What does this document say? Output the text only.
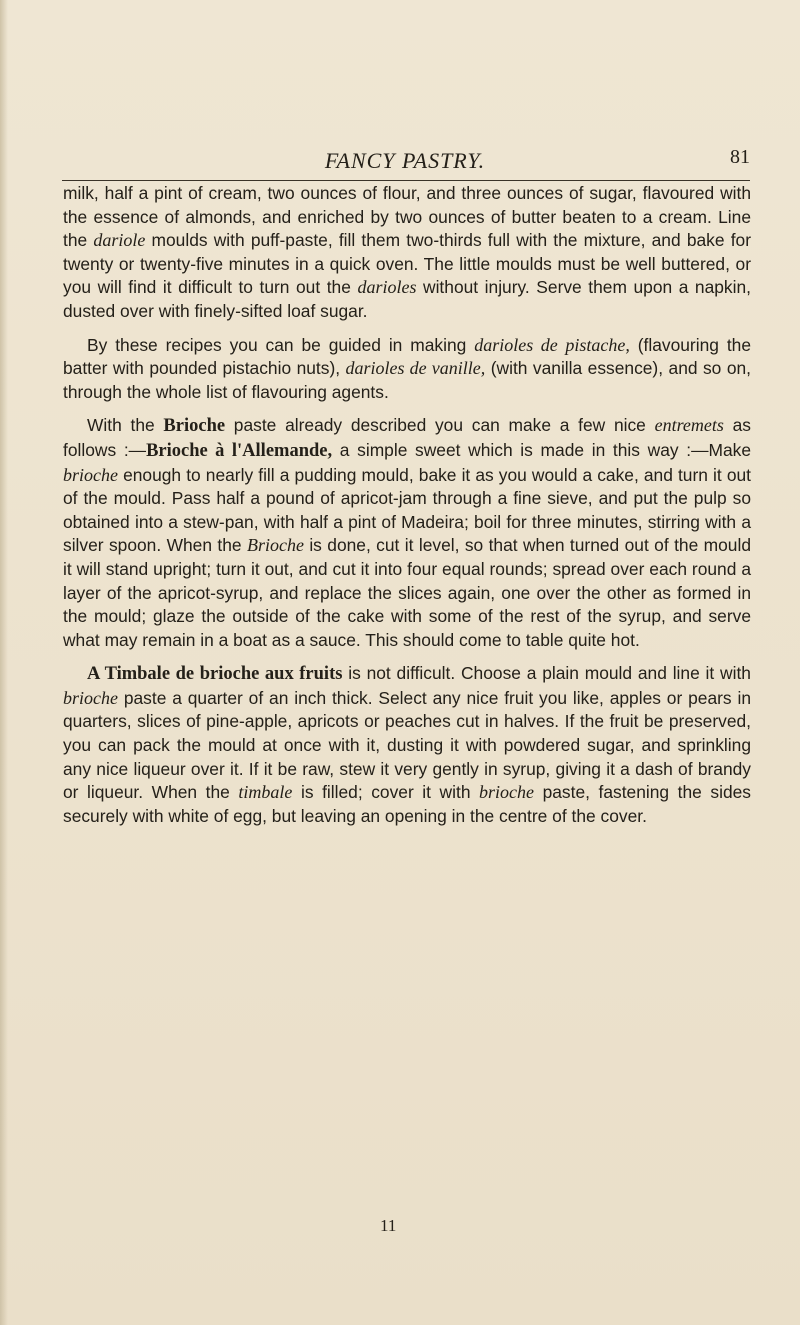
FANCY PASTRY.	81

milk, half a pint of cream, two ounces of flour, and three ounces of sugar, flavoured with the essence of almonds, and enriched by two ounces of butter beaten to a cream. Line the dariole moulds with puff-paste, fill them two-thirds full with the mixture, and bake for twenty or twenty-five minutes in a quick oven. The little moulds must be well buttered, or you will find it difficult to turn out the darioles without injury. Serve them upon a napkin, dusted over with finely-sifted loaf sugar.

By these recipes you can be guided in making darioles de pistache, (flavouring the batter with pounded pistachio nuts), darioles de vanille, (with vanilla essence), and so on, through the whole list of flavouring agents.

With the Brioche paste already described you can make a few nice entremets as follows :—Brioche à l'Allemande, a simple sweet which is made in this way :—Make brioche enough to nearly fill a pudding mould, bake it as you would a cake, and turn it out of the mould. Pass half a pound of apricot-jam through a fine sieve, and put the pulp so obtained into a stew-pan, with half a pint of Madeira; boil for three minutes, stirring with a silver spoon. When the Brioche is done, cut it level, so that when turned out of the mould it will stand upright; turn it out, and cut it into four equal rounds; spread over each round a layer of the apricot-syrup, and replace the slices again, one over the other as formed in the mould; glaze the outside of the cake with some of the rest of the syrup, and serve what may remain in a boat as a sauce. This should come to table quite hot.

A Timbale de brioche aux fruits is not difficult. Choose a plain mould and line it with brioche paste a quarter of an inch thick. Select any nice fruit you like, apples or pears in quarters, slices of pine-apple, apricots or peaches cut in halves. If the fruit be preserved, you can pack the mould at once with it, dusting it with powdered sugar, and sprinkling any nice liqueur over it. If it be raw, stew it very gently in syrup, giving it a dash of brandy or liqueur. When the timbale is filled; cover it with brioche paste, fastening the sides securely with white of egg, but leaving an opening in the centre of the cover.

11
